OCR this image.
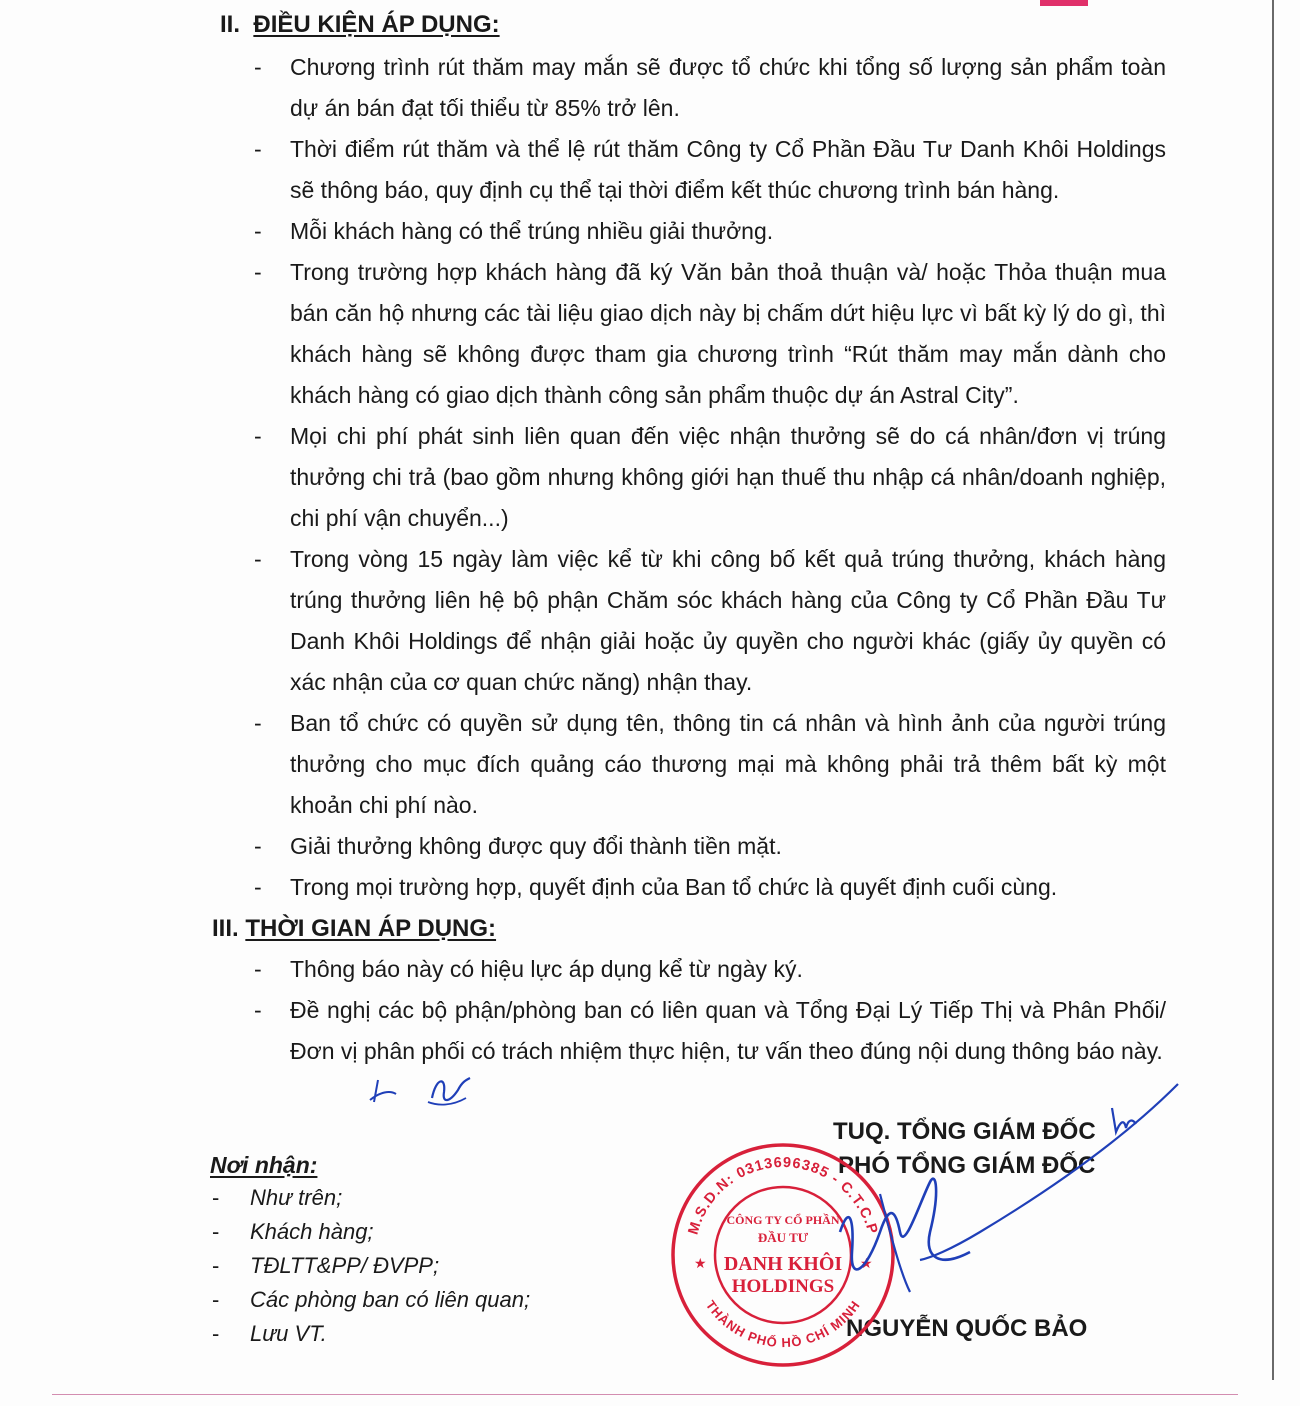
II. ĐIỀU KIỆN ÁP DỤNG:
- Chương trình rút thăm may mắn sẽ được tổ chức khi tổng số lượng sản phẩm toàn dự án bán đạt tối thiểu từ 85% trở lên.
- Thời điểm rút thăm và thể lệ rút thăm Công ty Cổ Phần Đầu Tư Danh Khôi Holdings sẽ thông báo, quy định cụ thể tại thời điểm kết thúc chương trình bán hàng.
- Mỗi khách hàng có thể trúng nhiều giải thưởng.
- Trong trường hợp khách hàng đã ký Văn bản thoả thuận và/ hoặc Thỏa thuận mua bán căn hộ nhưng các tài liệu giao dịch này bị chấm dứt hiệu lực vì bất kỳ lý do gì, thì khách hàng sẽ không được tham gia chương trình “Rút thăm may mắn dành cho khách hàng có giao dịch thành công sản phẩm thuộc dự án Astral City”.
- Mọi chi phí phát sinh liên quan đến việc nhận thưởng sẽ do cá nhân/đơn vị trúng thưởng chi trả (bao gồm nhưng không giới hạn thuế thu nhập cá nhân/doanh nghiệp, chi phí vận chuyển...)
- Trong vòng 15 ngày làm việc kể từ khi công bố kết quả trúng thưởng, khách hàng trúng thưởng liên hệ bộ phận Chăm sóc khách hàng của Công ty Cổ Phần Đầu Tư Danh Khôi Holdings để nhận giải hoặc ủy quyền cho người khác (giấy ủy quyền có xác nhận của cơ quan chức năng) nhận thay.
- Ban tổ chức có quyền sử dụng tên, thông tin cá nhân và hình ảnh của người trúng thưởng cho mục đích quảng cáo thương mại mà không phải trả thêm bất kỳ một khoản chi phí nào.
- Giải thưởng không được quy đổi thành tiền mặt.
- Trong mọi trường hợp, quyết định của Ban tổ chức là quyết định cuối cùng.
III. THỜI GIAN ÁP DỤNG:
- Thông báo này có hiệu lực áp dụng kể từ ngày ký.
- Đề nghị các bộ phận/phòng ban có liên quan và Tổng Đại Lý Tiếp Thị và Phân Phối/ Đơn vị phân phối có trách nhiệm thực hiện, tư vấn theo đúng nội dung thông báo này.
Nơi nhận:
- Như trên;
- Khách hàng;
- TĐLTT&PP/ ĐVPP;
- Các phòng ban có liên quan;
- Lưu VT.
TUQ. TỔNG GIÁM ĐỐC
PHÓ TỔNG GIÁM ĐỐC
NGUYỄN QUỐC BẢO
M.S.D.N: 0313696385 - C.T.C.P
THÀNH PHỐ HỒ CHÍ MINH
★	★
CÔNG TY CỔ PHẦN
ĐẦU TƯ
DANH KHÔI
HOLDINGS
